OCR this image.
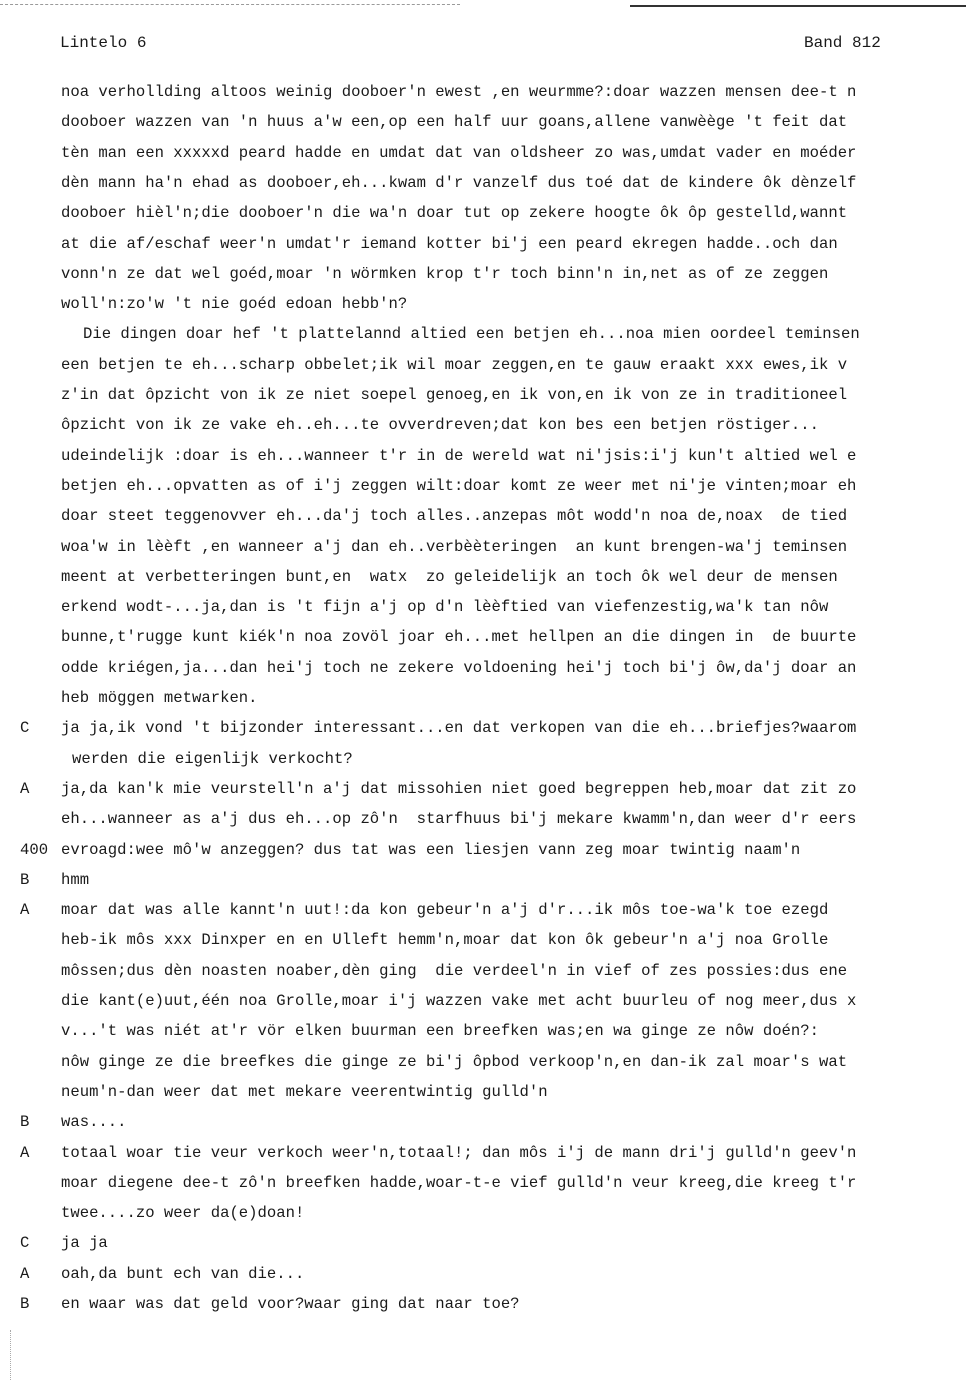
Lintelo 6	Band 812
noa verhollding altoos weinig dooboer'n ewest ,en weurmme?:doar wazzen mensen dee-t n
dooboer wazzen van 'n huus a'w een,op een half uur goans,allene vanwèège 't feit dat
tèn man een xxxxxd peard hadde en umdat dat van oldsheer zo was,umdat vader en moéder
dèn mann ha'n ehad as dooboer,eh...kwam d'r vanzelf dus toé dat de kindere ôk dènzelf
dooboer hièl'n;die dooboer'n die wa'n doar tut op zekere hoogte ôk ôp gestelld,wannt
at die af/eschaf weer'n umdat'r iemand kotter bi'j een peard ekregen hadde..och dan
vonn'n ze dat wel goéd,moar 'n wörmken krop t'r toch binn'n in,net as of ze zeggen
woll'n:zo'w 't nie goéd edoan hebb'n?
Die dingen doar hef 't plattelannd altied een betjen eh...noa mien oordeel teminsen
een betjen te eh...scharp obbelet;ik wil moar zeggen,en te gauw eraakt xxx ewes,ik v
z'in dat ôpzicht von ik ze niet soepel genoeg,en ik von,en ik von ze in traditioneel
ôpzicht von ik ze vake eh..eh...te ovverdreven;dat kon bes een betjen röstiger...
udeindelijk :doar is eh...wanneer t'r in de wereld wat ni'jsis:i'j kun't altied wel e
betjen eh...opvatten as of i'j zeggen wilt:doar komt ze weer met ni'je vinten;moar eh
doar steet teggenovver eh...da'j toch alles..anzepas môt wodd'n noa de,noax  de tied
woa'w in lèèft ,en wanneer a'j dan eh..verbèèteringen  an kunt brengen-wa'j teminsen
meent at verbetteringen bunt,en  watx  zo geleidelijk an toch ôk wel deur de mensen
erkend wodt-...ja,dan is 't fijn a'j op d'n lèèftied van viefenzestig,wa'k tan nôw
bunne,t'rugge kunt kiék'n noa zovöl joar eh...met hellpen an die dingen in  de buurte
odde kriégen,ja...dan hei'j toch ne zekere voldoening hei'j toch bi'j ôw,da'j doar an
heb möggen metwarken.
C ja ja,ik vond 't bijzonder interessant...en dat verkopen van die eh...briefjes?waarom
werden die eigenlijk verkocht?
A ja,da kan'k mie veurstell'n a'j dat missohien niet goed begreppen heb,moar dat zit zo
eh...wanneer as a'j dus eh...op zô'n  starfhuus bi'j mekare kwamm'n,dan weer d'r eers
400 evroagd:wee mô'w anzeggen? dus tat was een liesjen vann zeg moar twintig naam'n
B hmm
A moar dat was alle kannt'n uut!:da kon gebeur'n a'j d'r...ik môs toe-wa'k toe ezegd
heb-ik môs xxx Dinxper en en Ulleft hemm'n,moar dat kon ôk gebeur'n a'j noa Grolle
môssen;dus dèn noasten noaber,dèn ging  die verdeel'n in vief of zes possies:dus ene
die kant(e)uut,één noa Grolle,moar i'j wazzen vake met acht buurleu of nog meer,dus x
v...'t was niét at'r vör elken buurman een breefken was;en wa ginge ze nôw doén?:
nôw ginge ze die breefkes die ginge ze bi'j ôpbod verkoop'n,en dan-ik zal moar's wat
neum'n-dan weer dat met mekare veerentwintig gulld'n
B was....
A totaal woar tie veur verkoch weer'n,totaal!; dan môs i'j de mann dri'j gulld'n geev'n
moar diegene dee-t zô'n breefken hadde,woar-t-e vief gulld'n veur kreeg,die kreeg t'r
twee....zo weer da(e)doan!
C ja ja
A oah,da bunt ech van die...
B en waar was dat geld voor?waar ging dat naar toe?
